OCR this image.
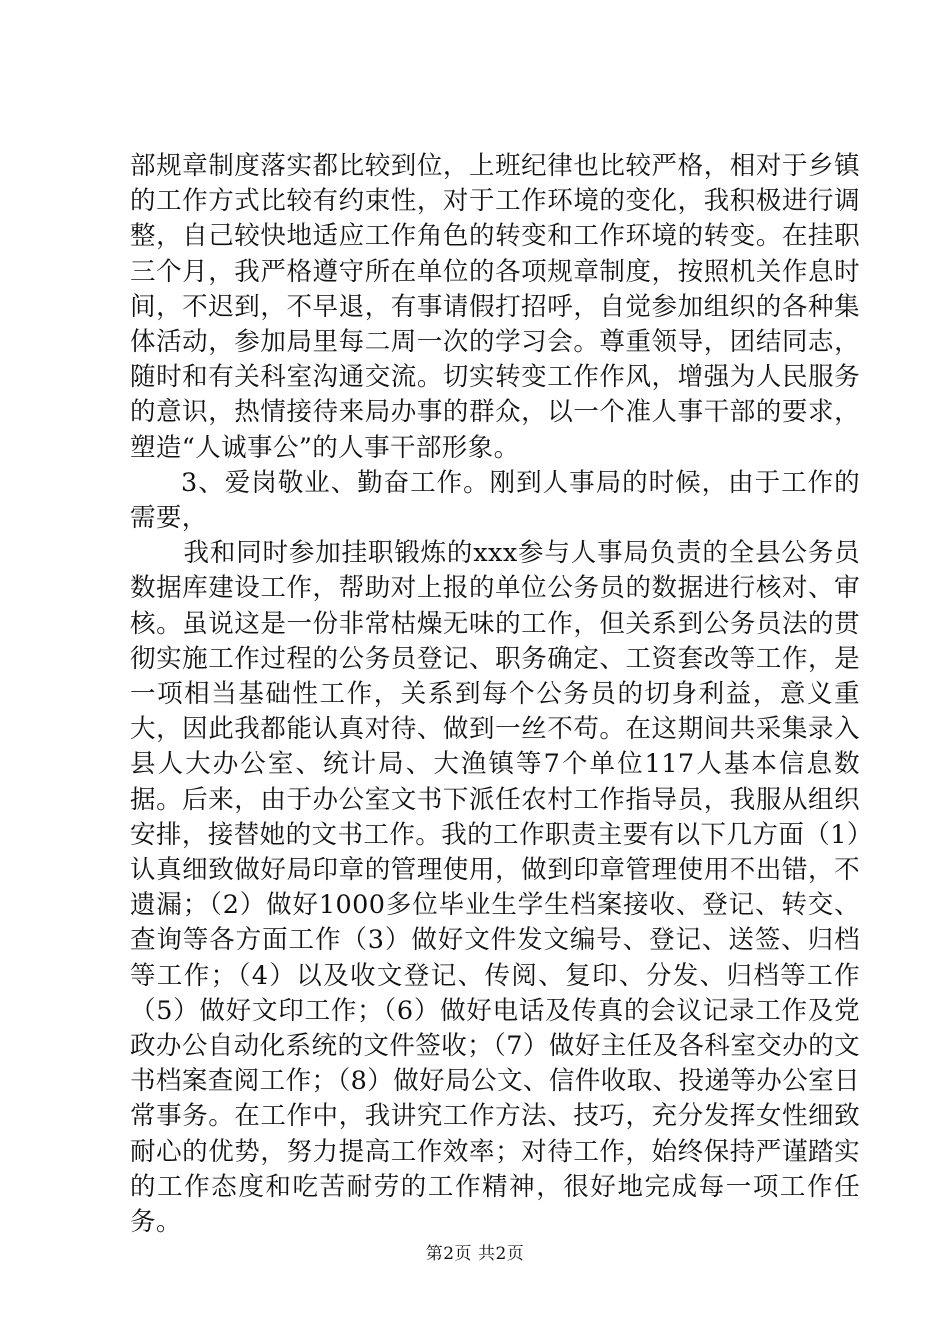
部规章制度落实都比较到位，上班纪律也比较严格，相对于乡镇的工作方式比较有约束性，对于工作环境的变化，我积极进行调整，自己较快地适应工作角色的转变和工作环境的转变。在挂职三个月，我严格遵守所在单位的各项规章制度，按照机关作息时间，不迟到，不早退，有事请假打招呼，自觉参加组织的各种集体活动，参加局里每二周一次的学习会。尊重领导，团结同志，随时和有关科室沟通交流。切实转变工作作风，增强为人民服务的意识，热情接待来局办事的群众，以一个准人事干部的要求，塑造“人诚事公”的人事干部形象。

3、爱岗敬业、勤奋工作。刚到人事局的时候，由于工作的需要，

我和同时参加挂职锻炼的xxx参与人事局负责的全县公务员数据库建设工作，帮助对上报的单位公务员的数据进行核对、审核。虽说这是一份非常枯燥无味的工作，但关系到公务员法的贯彻实施工作过程的公务员登记、职务确定、工资套改等工作，是一项相当基础性工作，关系到每个公务员的切身利益，意义重大，因此我都能认真对待、做到一丝不苟。在这期间共采集录入县人大办公室、统计局、大渔镇等7个单位117人基本信息数据。后来，由于办公室文书下派任农村工作指导员，我服从组织安排，接替她的文书工作。我的工作职责主要有以下几方面（1）认真细致做好局印章的管理使用，做到印章管理使用不出错，不遗漏；（2）做好1000多位毕业生学生档案接收、登记、转交、查询等各方面工作（3）做好文件发文编号、登记、送签、归档等工作；（4）以及收文登记、传阅、复印、分发、归档等工作（5）做好文印工作；（6）做好电话及传真的会议记录工作及党政办公自动化系统的文件签收；（7）做好主任及各科室交办的文书档案查阅工作；（8）做好局公文、信件收取、投递等办公室日常事务。在工作中，我讲究工作方法、技巧，充分发挥女性细致耐心的优势，努力提高工作效率；对待工作，始终保持严谨踏实的工作态度和吃苦耐劳的工作精神，很好地完成每一项工作任务。

第2页 共2页
